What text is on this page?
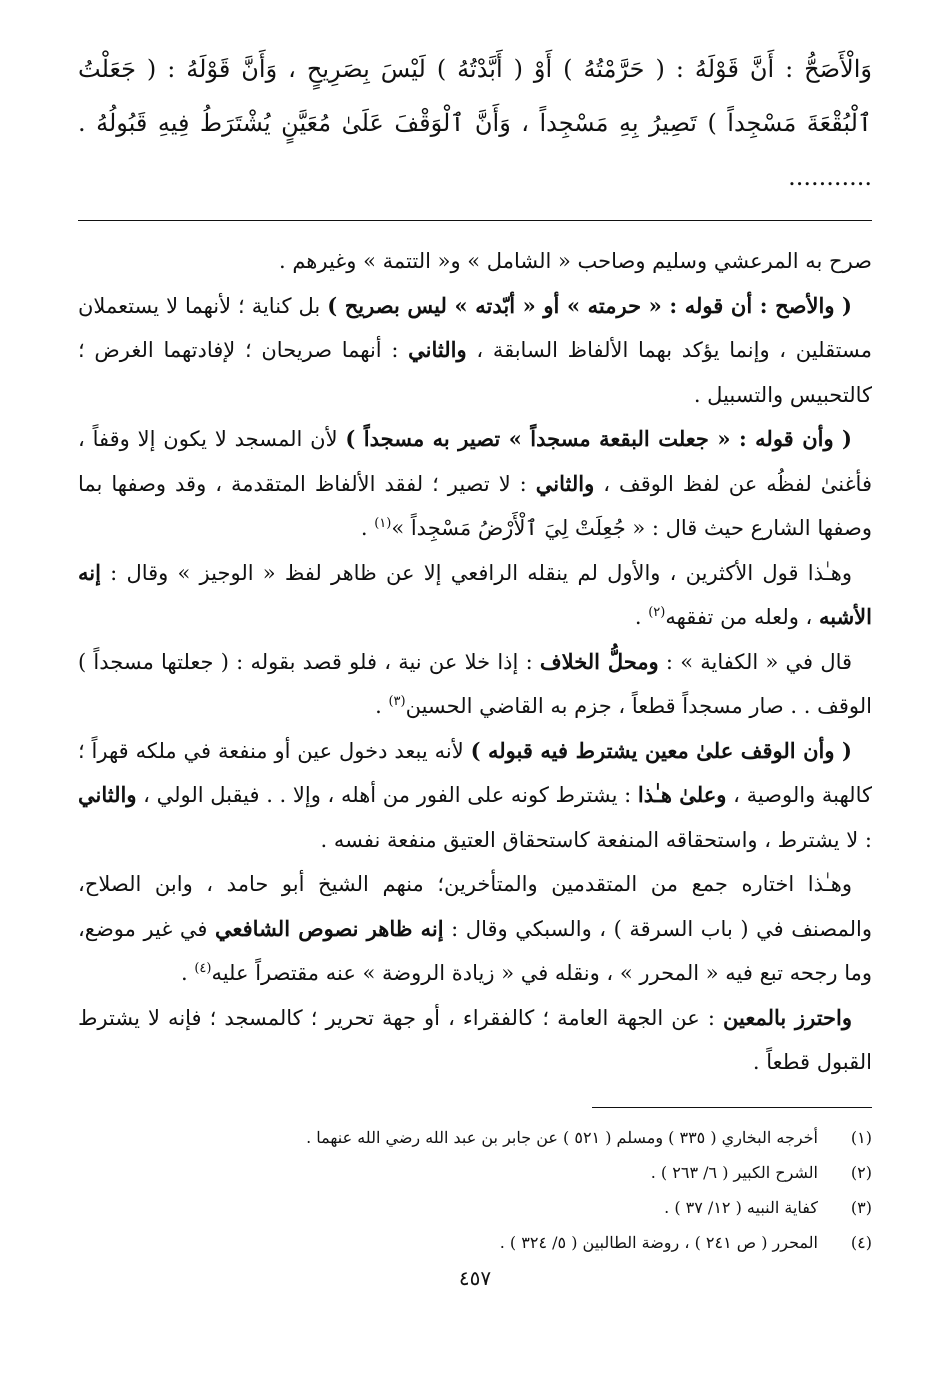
وَالْأَصَحُّ : أَنَّ قَوْلَهُ : ( حَرَّمْتُهُ ) أَوْ ( أَبَّدْتُهُ ) لَيْسَ بِصَرِيحٍ ، وَأَنَّ قَوْلَهُ : ( جَعَلْتُ ٱلْبُقْعَةَ مَسْجِداً ) تَصِيرُ بِهِ مَسْجِداً ، وَأَنَّ ٱلْوَقْفَ عَلَىٰ مُعَيَّنٍ يُشْتَرَطُ فِيهِ قَبُولُهُ . ...........

صرح به المرعشي وسليم وصاحب « الشامل » و« التتمة » وغيرهم .

( والأصح : أن قوله : « حرمته » أو « أبّدته » ليس بصريح ) بل كناية ؛ لأنهما لا يستعملان مستقلين ، وإنما يؤكد بهما الألفاظ السابقة ، والثاني : أنهما صريحان ؛ لإفادتهما الغرض ؛ كالتحبيس والتسبيل .

( وأن قوله : « جعلت البقعة مسجداً » تصير به مسجداً ) لأن المسجد لا يكون إلا وقفاً ، فأغنىٰ لفظُه عن لفظ الوقف ، والثاني : لا تصير ؛ لفقد الألفاظ المتقدمة ، وقد وصفها بما وصفها الشارع حيث قال : « جُعِلَتْ لِيَ ٱلْأَرْضُ مَسْجِداً »$^{(١)}$ .

وهـٰذا قول الأكثرين ، والأول لم ينقله الرافعي إلا عن ظاهر لفظ « الوجيز » وقال : إنه الأشبه ، ولعله من تفقهه$^{(٢)}$ .

قال في « الكفاية » : ومحلُّ الخلاف : إذا خلا عن نية ، فلو قصد بقوله : ( جعلتها مسجداً ) الوقف . . صار مسجداً قطعاً ، جزم به القاضي الحسين$^{(٣)}$ .

( وأن الوقف علىٰ معين يشترط فيه قبوله ) لأنه يبعد دخول عين أو منفعة في ملكه قهراً ؛ كالهبة والوصية ، وعلىٰ هـٰذا : يشترط كونه على الفور من أهله ، وإلا . . فيقبل الولي ، والثاني : لا يشترط ، واستحقاقه المنفعة كاستحقاق العتيق منفعة نفسه .

وهـٰذا اختاره جمع من المتقدمين والمتأخرين؛ منهم الشيخ أبو حامد ، وابن الصلاح، والمصنف في ( باب السرقة ) ، والسبكي وقال : إنه ظاهر نصوص الشافعي في غير موضع، وما رجحه تبع فيه « المحرر » ، ونقله في « زيادة الروضة » عنه مقتصراً عليه$^{(٤)}$ .

واحترز بالمعين : عن الجهة العامة ؛ كالفقراء ، أو جهة تحرير ؛ كالمسجد ؛ فإنه لا يشترط القبول قطعاً .

(١)
أخرجه البخاري ( ٣٣٥ ) ومسلم ( ٥٢١ ) عن جابر بن عبد الله رضي الله عنهما .
(٢)
الشرح الكبير ( ٦/ ٢٦٣ ) .
(٣)
كفاية النبيه ( ١٢/ ٣٧ ) .
(٤)
المحرر ( ص ٢٤١ ) ، روضة الطالبين ( ٥/ ٣٢٤ ) .
٤٥٧
